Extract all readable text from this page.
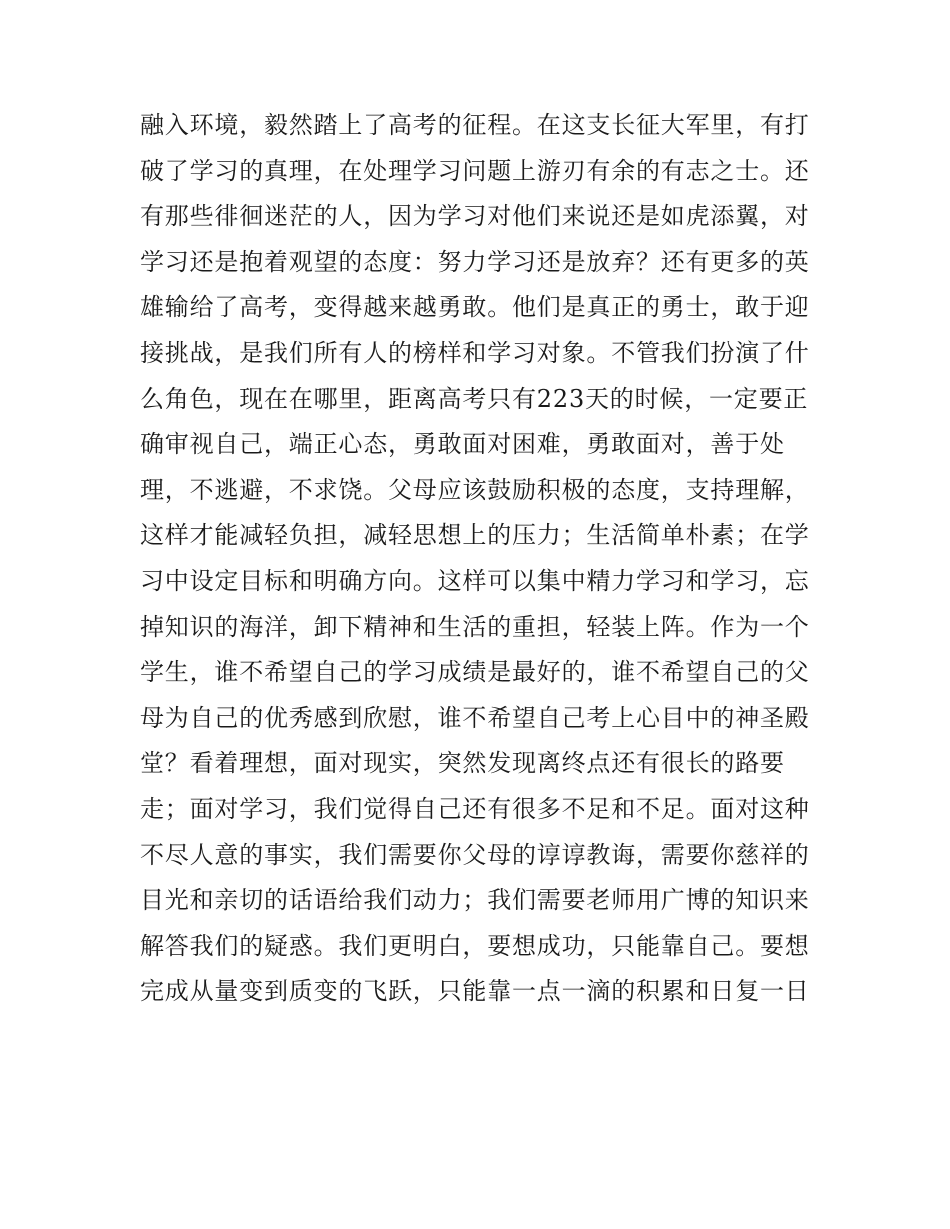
融入环境，毅然踏上了高考的征程。在这支长征大军里，有打
破了学习的真理，在处理学习问题上游刃有余的有志之士。还
有那些徘徊迷茫的人，因为学习对他们来说还是如虎添翼，对
学习还是抱着观望的态度：努力学习还是放弃？还有更多的英
雄输给了高考，变得越来越勇敢。他们是真正的勇士，敢于迎
接挑战，是我们所有人的榜样和学习对象。不管我们扮演了什
么角色，现在在哪里，距离高考只有223天的时候，一定要正
确审视自己，端正心态，勇敢面对困难，勇敢面对，善于处
理，不逃避，不求饶。父母应该鼓励积极的态度，支持理解，
这样才能减轻负担，减轻思想上的压力；生活简单朴素；在学
习中设定目标和明确方向。这样可以集中精力学习和学习，忘
掉知识的海洋，卸下精神和生活的重担，轻装上阵。作为一个
学生，谁不希望自己的学习成绩是最好的，谁不希望自己的父
母为自己的优秀感到欣慰，谁不希望自己考上心目中的神圣殿
堂？看着理想，面对现实，突然发现离终点还有很长的路要
走；面对学习，我们觉得自己还有很多不足和不足。面对这种
不尽人意的事实，我们需要你父母的谆谆教诲，需要你慈祥的
目光和亲切的话语给我们动力；我们需要老师用广博的知识来
解答我们的疑惑。我们更明白，要想成功，只能靠自己。要想
完成从量变到质变的飞跃，只能靠一点一滴的积累和日复一日
